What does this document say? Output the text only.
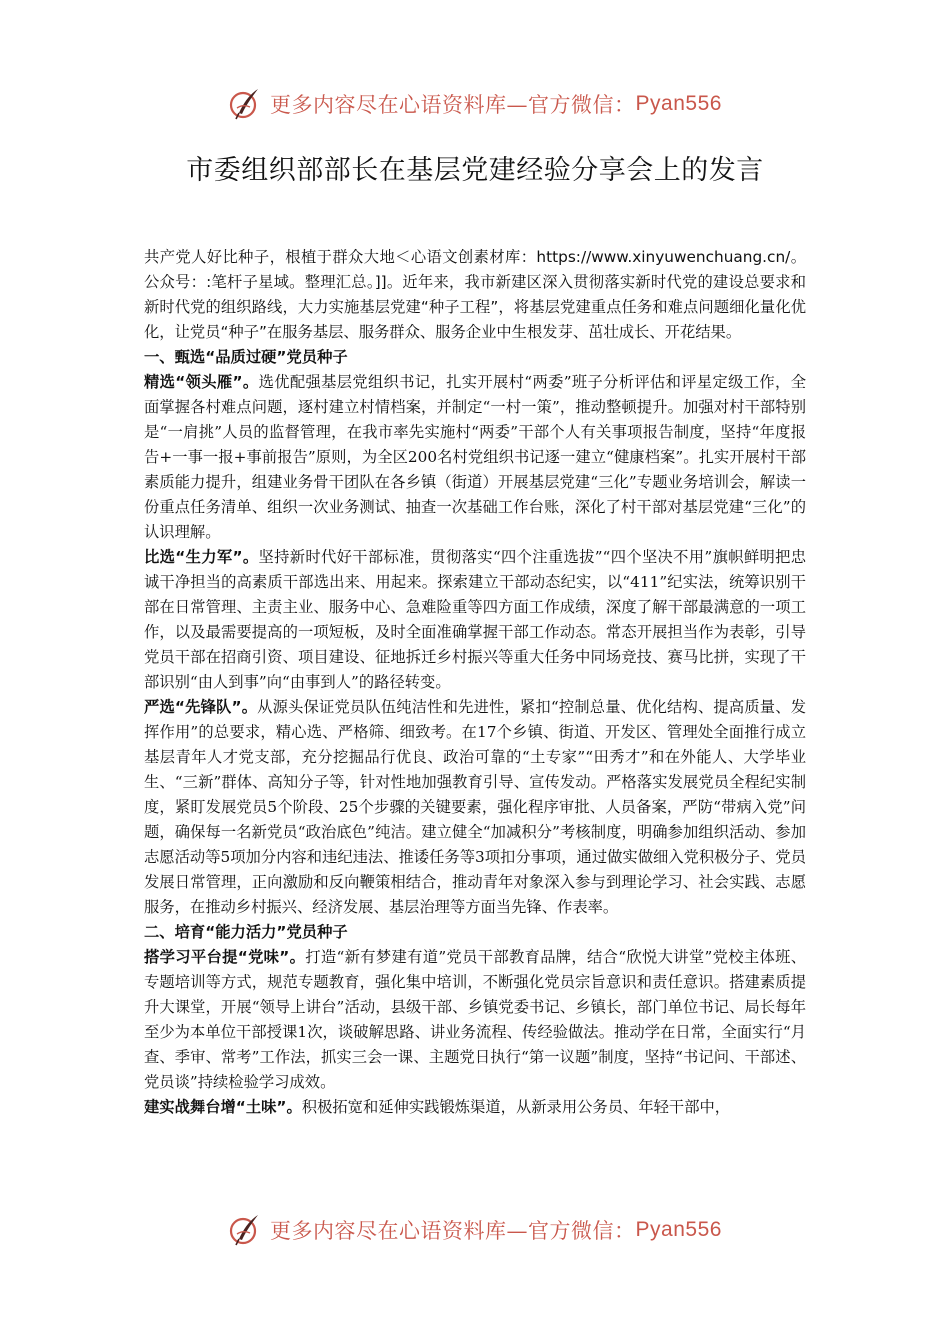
更多内容尽在心语资料库—官方微信： Pyan556
市委组织部部长在基层党建经验分享会上的发言

共产党人好比种子，根植于群众大地＜心语文创素材库：https://www.xinyuwenchuang.cn/。公众号：:笔杆子星域。整理汇总。]]。近年来，我市新建区深入贯彻落实新时代党的建设总要求和新时代党的组织路线，大力实施基层党建“种子工程”，将基层党建重点任务和难点问题细化量化优化，让党员“种子”在服务基层、服务群众、服务企业中生根发芽、茁壮成长、开花结果。

一、甄选“品质过硬”党员种子

精选“领头雁”。选优配强基层党组织书记，扎实开展村“两委”班子分析评估和评星定级工作，全面掌握各村难点问题，逐村建立村情档案，并制定“一村一策”，推动整顿提升。加强对村干部特别是“一肩挑”人员的监督管理，在我市率先实施村“两委”干部个人有关事项报告制度，坚持“年度报告+一事一报+事前报告”原则，为全区200名村党组织书记逐一建立“健康档案”。扎实开展村干部素质能力提升，组建业务骨干团队在各乡镇（街道）开展基层党建“三化”专题业务培训会，解读一份重点任务清单、组织一次业务测试、抽查一次基础工作台账，深化了村干部对基层党建“三化”的认识理解。

比选“生力军”。坚持新时代好干部标准，贯彻落实“四个注重选拔”“四个坚决不用”旗帜鲜明把忠诚干净担当的高素质干部选出来、用起来。探索建立干部动态纪实，以“411”纪实法，统筹识别干部在日常管理、主责主业、服务中心、急难险重等四方面工作成绩，深度了解干部最满意的一项工作，以及最需要提高的一项短板，及时全面准确掌握干部工作动态。常态开展担当作为表彰，引导党员干部在招商引资、项目建设、征地拆迁乡村振兴等重大任务中同场竞技、赛马比拼，实现了干部识别“由人到事”向“由事到人”的路径转变。

严选“先锋队”。从源头保证党员队伍纯洁性和先进性，紧扣“控制总量、优化结构、提高质量、发挥作用”的总要求，精心选、严格筛、细致考。在17个乡镇、街道、开发区、管理处全面推行成立基层青年人才党支部，充分挖掘品行优良、政治可靠的“土专家”“田秀才”和在外能人、大学毕业生、“三新”群体、高知分子等，针对性地加强教育引导、宣传发动。严格落实发展党员全程纪实制度，紧盯发展党员5个阶段、25个步骤的关键要素，强化程序审批、人员备案，严防“带病入党”问题，确保每一名新党员“政治底色”纯洁。建立健全“加减积分”考核制度，明确参加组织活动、参加志愿活动等5项加分内容和违纪违法、推诿任务等3项扣分事项，通过做实做细入党积极分子、党员发展日常管理，正向激励和反向鞭策相结合，推动青年对象深入参与到理论学习、社会实践、志愿服务，在推动乡村振兴、经济发展、基层治理等方面当先锋、作表率。

二、培育“能力活力”党员种子

搭学习平台提“党味”。打造“新有梦建有道”党员干部教育品牌，结合“欣悦大讲堂”党校主体班、专题培训等方式，规范专题教育，强化集中培训，不断强化党员宗旨意识和责任意识。搭建素质提升大课堂，开展“领导上讲台”活动，县级干部、乡镇党委书记、乡镇长，部门单位书记、局长每年至少为本单位干部授课1次，谈破解思路、讲业务流程、传经验做法。推动学在日常，全面实行“月查、季审、常考”工作法，抓实三会一课、主题党日执行“第一议题”制度，坚持“书记问、干部述、党员谈”持续检验学习成效。

建实战舞台增“土味”。积极拓宽和延伸实践锻炼渠道，从新录用公务员、年轻干部中，

更多内容尽在心语资料库—官方微信： Pyan556
